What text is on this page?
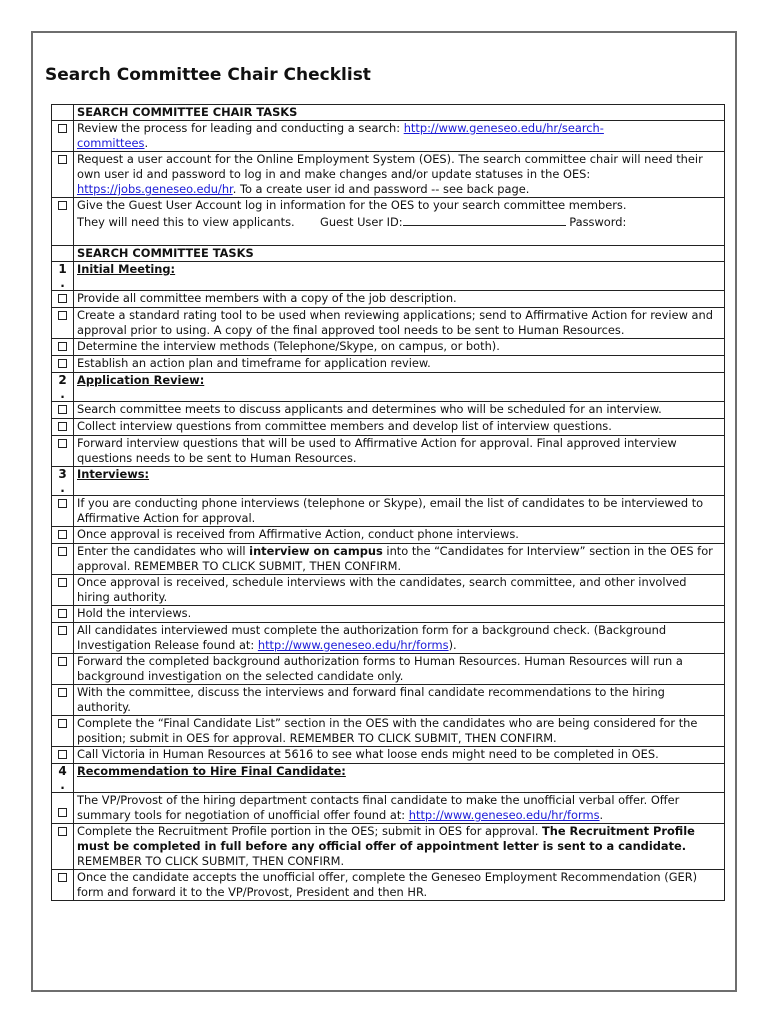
Search Committee Chair Checklist
	SEARCH COMMITTEE CHAIR TASKS
	Review the process for leading and conducting a search: http://www.geneseo.edu/hr/search-
committees.
	Request a user account for the Online Employment System (OES). The search committee chair will need their own user id and password to log in and make changes and/or update statuses in the OES: https://jobs.geneseo.edu/hr. To a create user id and password -- see back page.
	Give the Guest User Account log in information for the OES to your search committee members.
They will need this to view applicants. Guest User ID: Password:

	SEARCH COMMITTEE TASKS

1
.	Initial Meeting:
	Provide all committee members with a copy of the job description.
	Create a standard rating tool to be used when reviewing applications; send to Affirmative Action for review and approval prior to using. A copy of the final approved tool needs to be sent to Human Resources.
	Determine the interview methods (Telephone/Skype, on campus, or both).
	Establish an action plan and timeframe for application review.

2
.	Application Review:
	Search committee meets to discuss applicants and determines who will be scheduled for an interview.
	Collect interview questions from committee members and develop list of interview questions.
	Forward interview questions that will be used to Affirmative Action for approval. Final approved interview questions needs to be sent to Human Resources.

3
.	Interviews:
	If you are conducting phone interviews (telephone or Skype), email the list of candidates to be interviewed to Affirmative Action for approval.
	Once approval is received from Affirmative Action, conduct phone interviews.
	Enter the candidates who will interview on campus into the “Candidates for Interview” section in the OES for approval. REMEMBER TO CLICK SUBMIT, THEN CONFIRM.
	Once approval is received, schedule interviews with the candidates, search committee, and other involved hiring authority.
	Hold the interviews.
	All candidates interviewed must complete the authorization form for a background check. (Background Investigation Release found at: http://www.geneseo.edu/hr/forms).
	Forward the completed background authorization forms to Human Resources. Human Resources will run a background investigation on the selected candidate only.
	With the committee, discuss the interviews and forward final candidate recommendations to the hiring authority.
	Complete the “Final Candidate List” section in the OES with the candidates who are being considered for the position; submit in OES for approval. REMEMBER TO CLICK SUBMIT, THEN CONFIRM.
	Call Victoria in Human Resources at 5616 to see what loose ends might need to be completed in OES.

4
.	Recommendation to Hire Final Candidate:
	The VP/Provost of the hiring department contacts final candidate to make the unofficial verbal offer. Offer summary tools for negotiation of unofficial offer found at: http://www.geneseo.edu/hr/forms.
	Complete the Recruitment Profile portion in the OES; submit in OES for approval. The Recruitment Profile must be completed in full before any official offer of appointment letter is sent to a candidate. REMEMBER TO CLICK SUBMIT, THEN CONFIRM.
	Once the candidate accepts the unofficial offer, complete the Geneseo Employment Recommendation (GER) form and forward it to the VP/Provost, President and then HR.
